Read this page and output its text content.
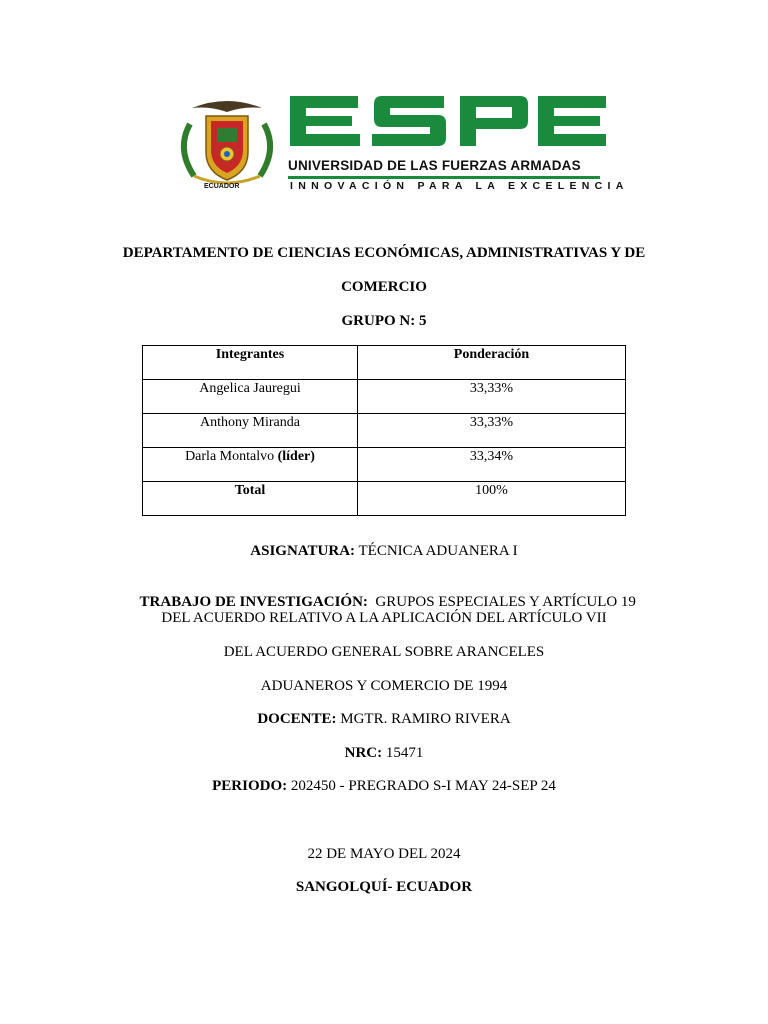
ECUADOR
UNIVERSIDAD DE LAS FUERZAS ARMADAS
INNOVACIÓN PARA LA EXCELENCIA
DEPARTAMENTO DE CIENCIAS ECONÓMICAS, ADMINISTRATIVAS Y DE
COMERCIO
GRUPO N: 5
Integrantes	Ponderación
Angelica Jauregui	33,33%
Anthony Miranda	33,33%
Darla Montalvo (líder)	33,34%
Total	100%
ASIGNATURA: TÉCNICA ADUANERA I

TRABAJO DE INVESTIGACIÓN:  GRUPOS ESPECIALES Y ARTÍCULO 19

DEL ACUERDO RELATIVO A LA APLICACIÓN DEL ARTÍCULO VII
DEL ACUERDO GENERAL SOBRE ARANCELES
ADUANEROS Y COMERCIO DE 1994
DOCENTE: MGTR. RAMIRO RIVERA
NRC: 15471
PERIODO: 202450 - PREGRADO S-I MAY 24-SEP 24
22 DE MAYO DEL 2024
SANGOLQUÍ- ECUADOR
